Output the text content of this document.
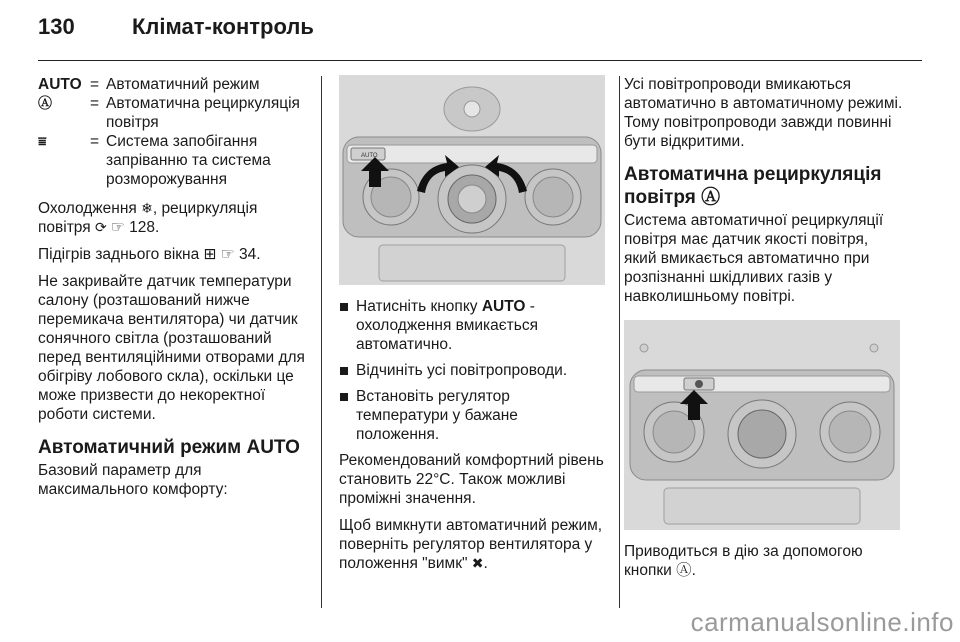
130	Клімат-контроль
AUTO = Автоматичний режим
Ⓐ	= Автоматична рециркуляція повітря
⩸	= Система запобігання запріванню та система розморожування

Охолодження ❄, рециркуляція повітря ⟳ ☞ 128.

Підігрів заднього вікна ⊞ ☞ 34.

Не закривайте датчик температури салону (розташований нижче перемикача вентилятора) чи датчик сонячного світла (розташований перед вентиляційними отворами для обігріву лобового скла), оскільки це може призвести до некоректної роботи системи.

Автоматичний режим AUTO

Базовий параметр для максимального комфорту:

AUTO
Натисніть кнопку AUTO - охолодження вмикається автоматично.
Відчиніть усі повітропроводи.
Встановіть регулятор температури у бажане положення.

Рекомендований комфортний рівень становить 22°C. Також можливі проміжні значення.

Щоб вимкнути автоматичний режим, поверніть регулятор вентилятора у положення "вимк" ✖.

Усі повітропроводи вмикаються автоматично в автоматичному режимі. Тому повітропроводи завжди повинні бути відкритими.

Автоматична рециркуляція повітря Ⓐ

Система автоматичної рециркуляції повітря має датчик якості повітря, який вмикається автоматично при розпізнанні шкідливих газів у навколишньому повітрі.

Приводиться в дію за допомогою кнопки Ⓐ.

carmanualsonline.info
